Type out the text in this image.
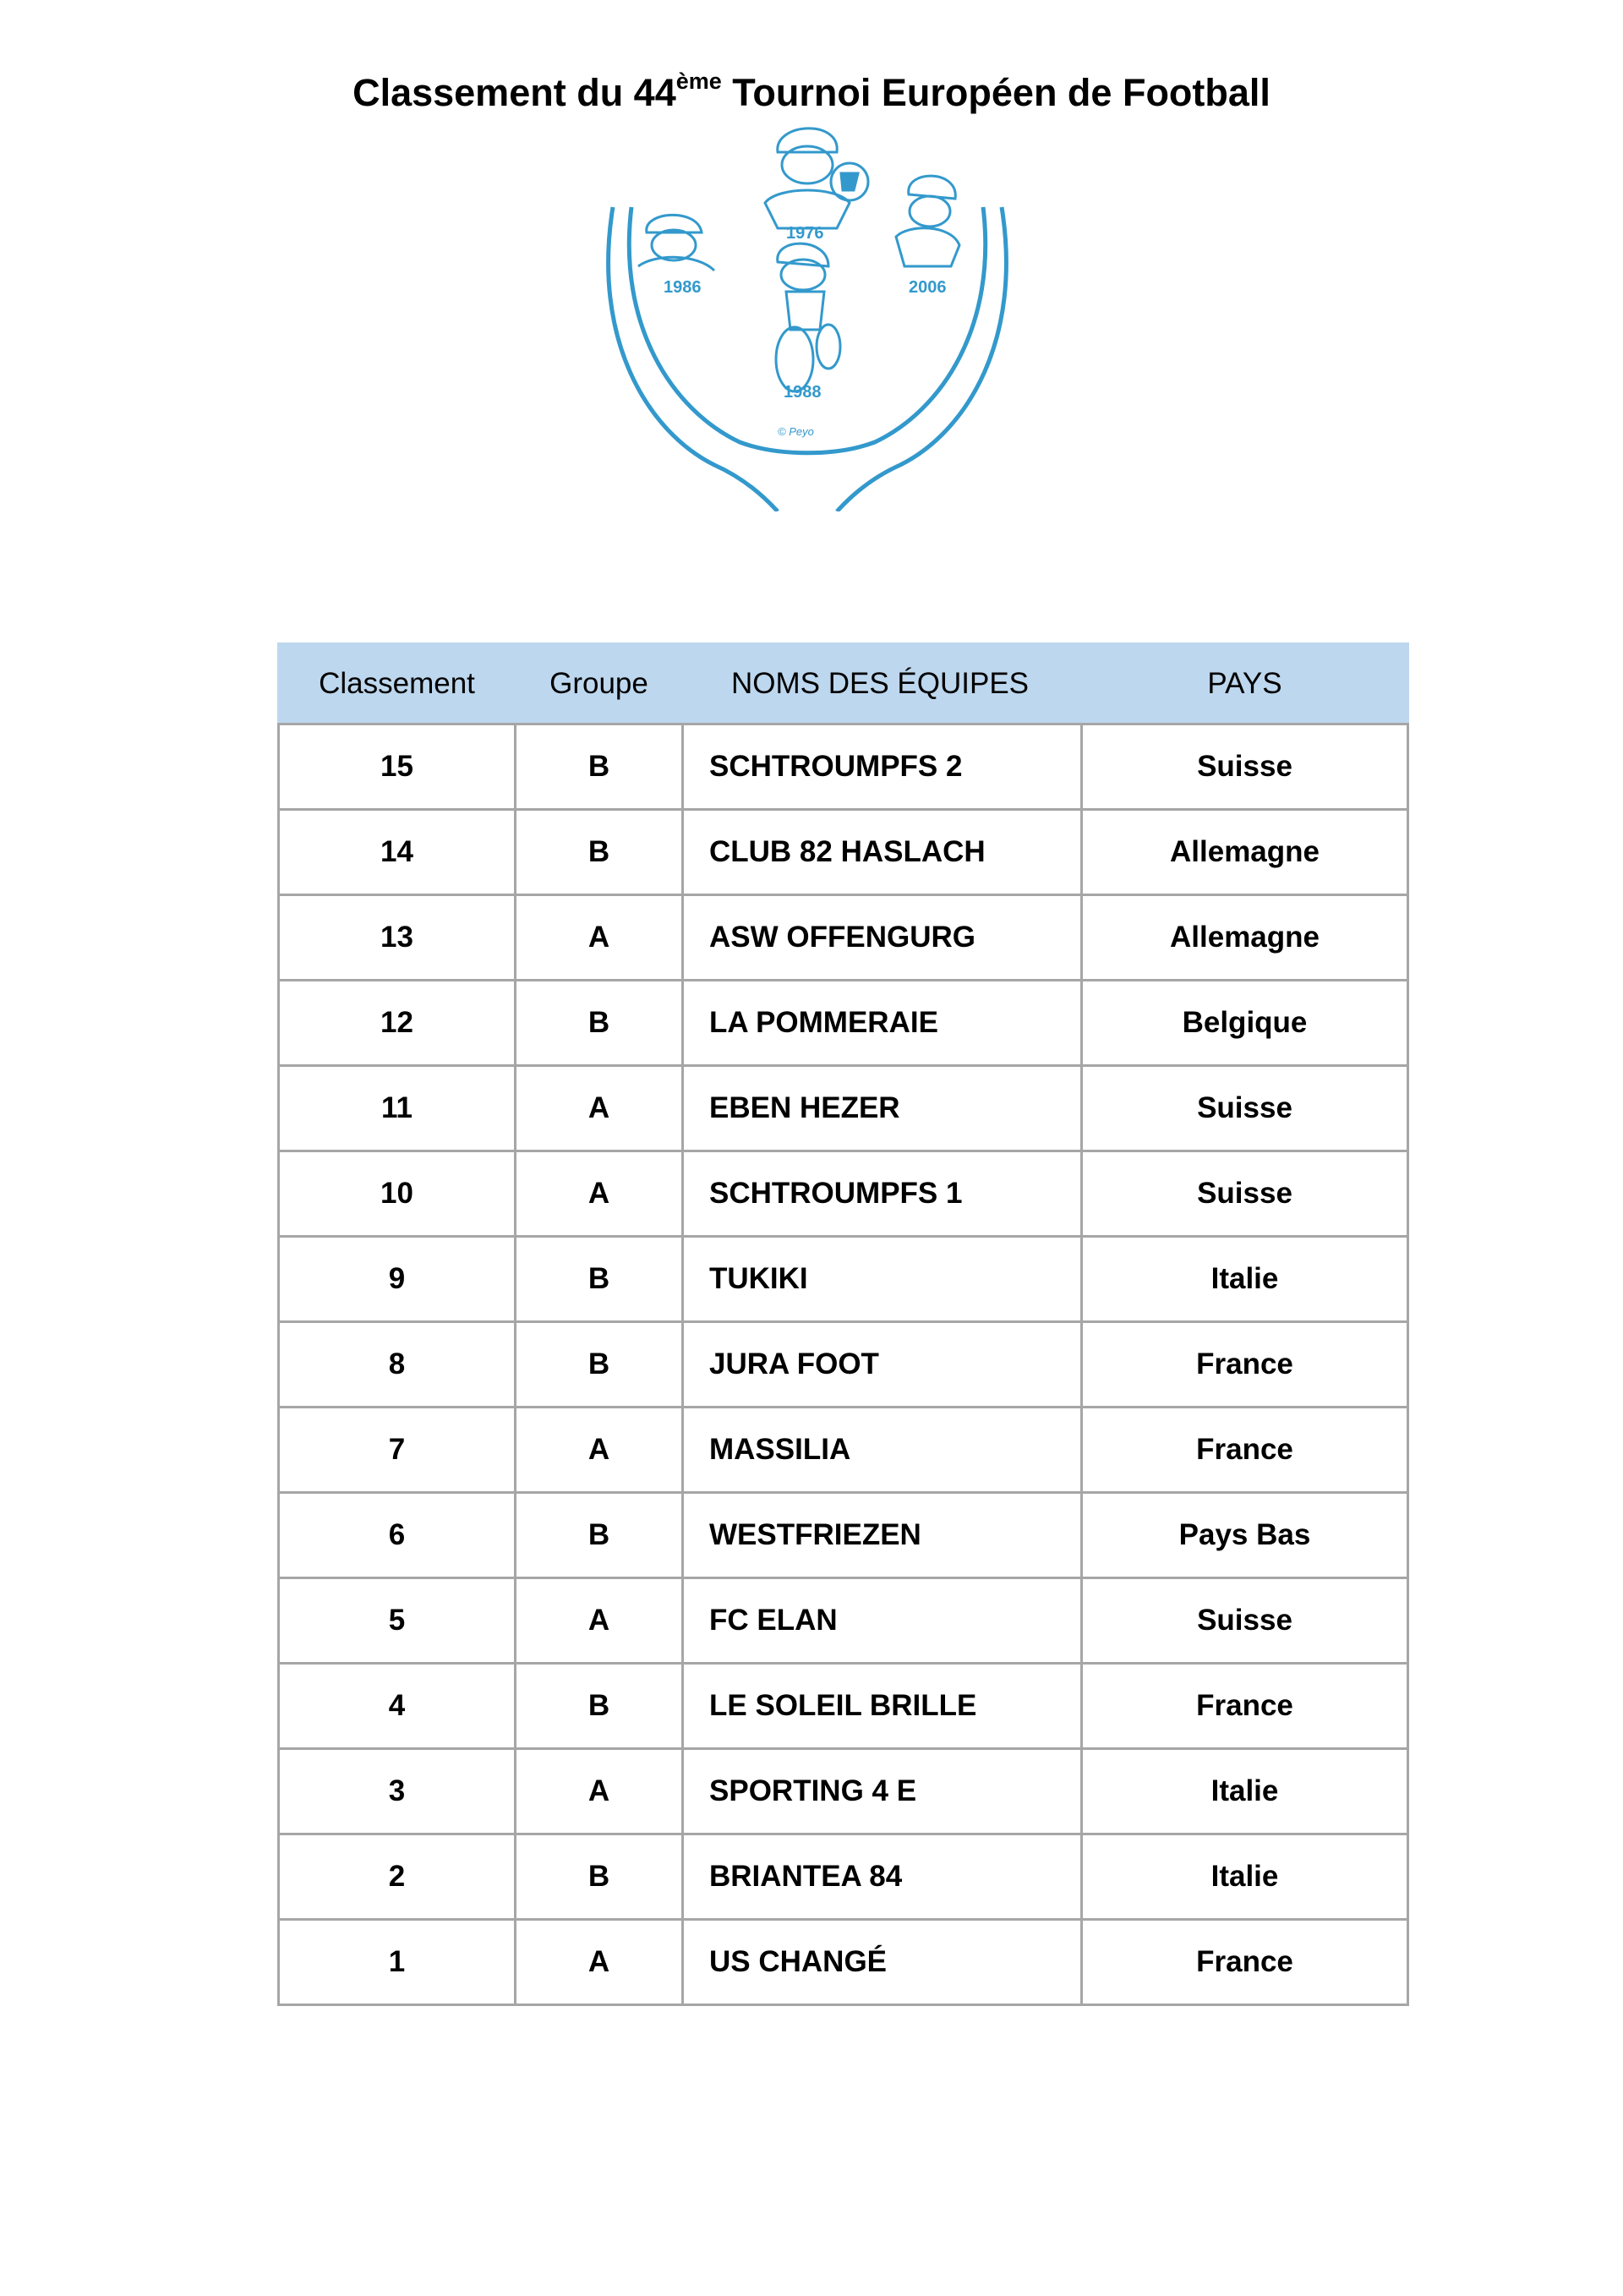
Classement du 44ème Tournoi Européen de Football
1976
1986	2006
1988
© Peyo
Classement	Groupe	NOMS DES ÉQUIPES	PAYS
15	B	SCHTROUMPFS 2	Suisse
14	B	CLUB 82 HASLACH	Allemagne
13	A	ASW OFFENGURG	Allemagne
12	B	LA POMMERAIE	Belgique
11	A	EBEN HEZER	Suisse
10	A	SCHTROUMPFS 1	Suisse
9	B	TUKIKI	Italie
8	B	JURA FOOT	France
7	A	MASSILIA	France
6	B	WESTFRIEZEN	Pays Bas
5	A	FC ELAN	Suisse
4	B	LE SOLEIL BRILLE	France
3	A	SPORTING 4 E	Italie
2	B	BRIANTEA 84	Italie
1	A	US CHANGÉ	France
